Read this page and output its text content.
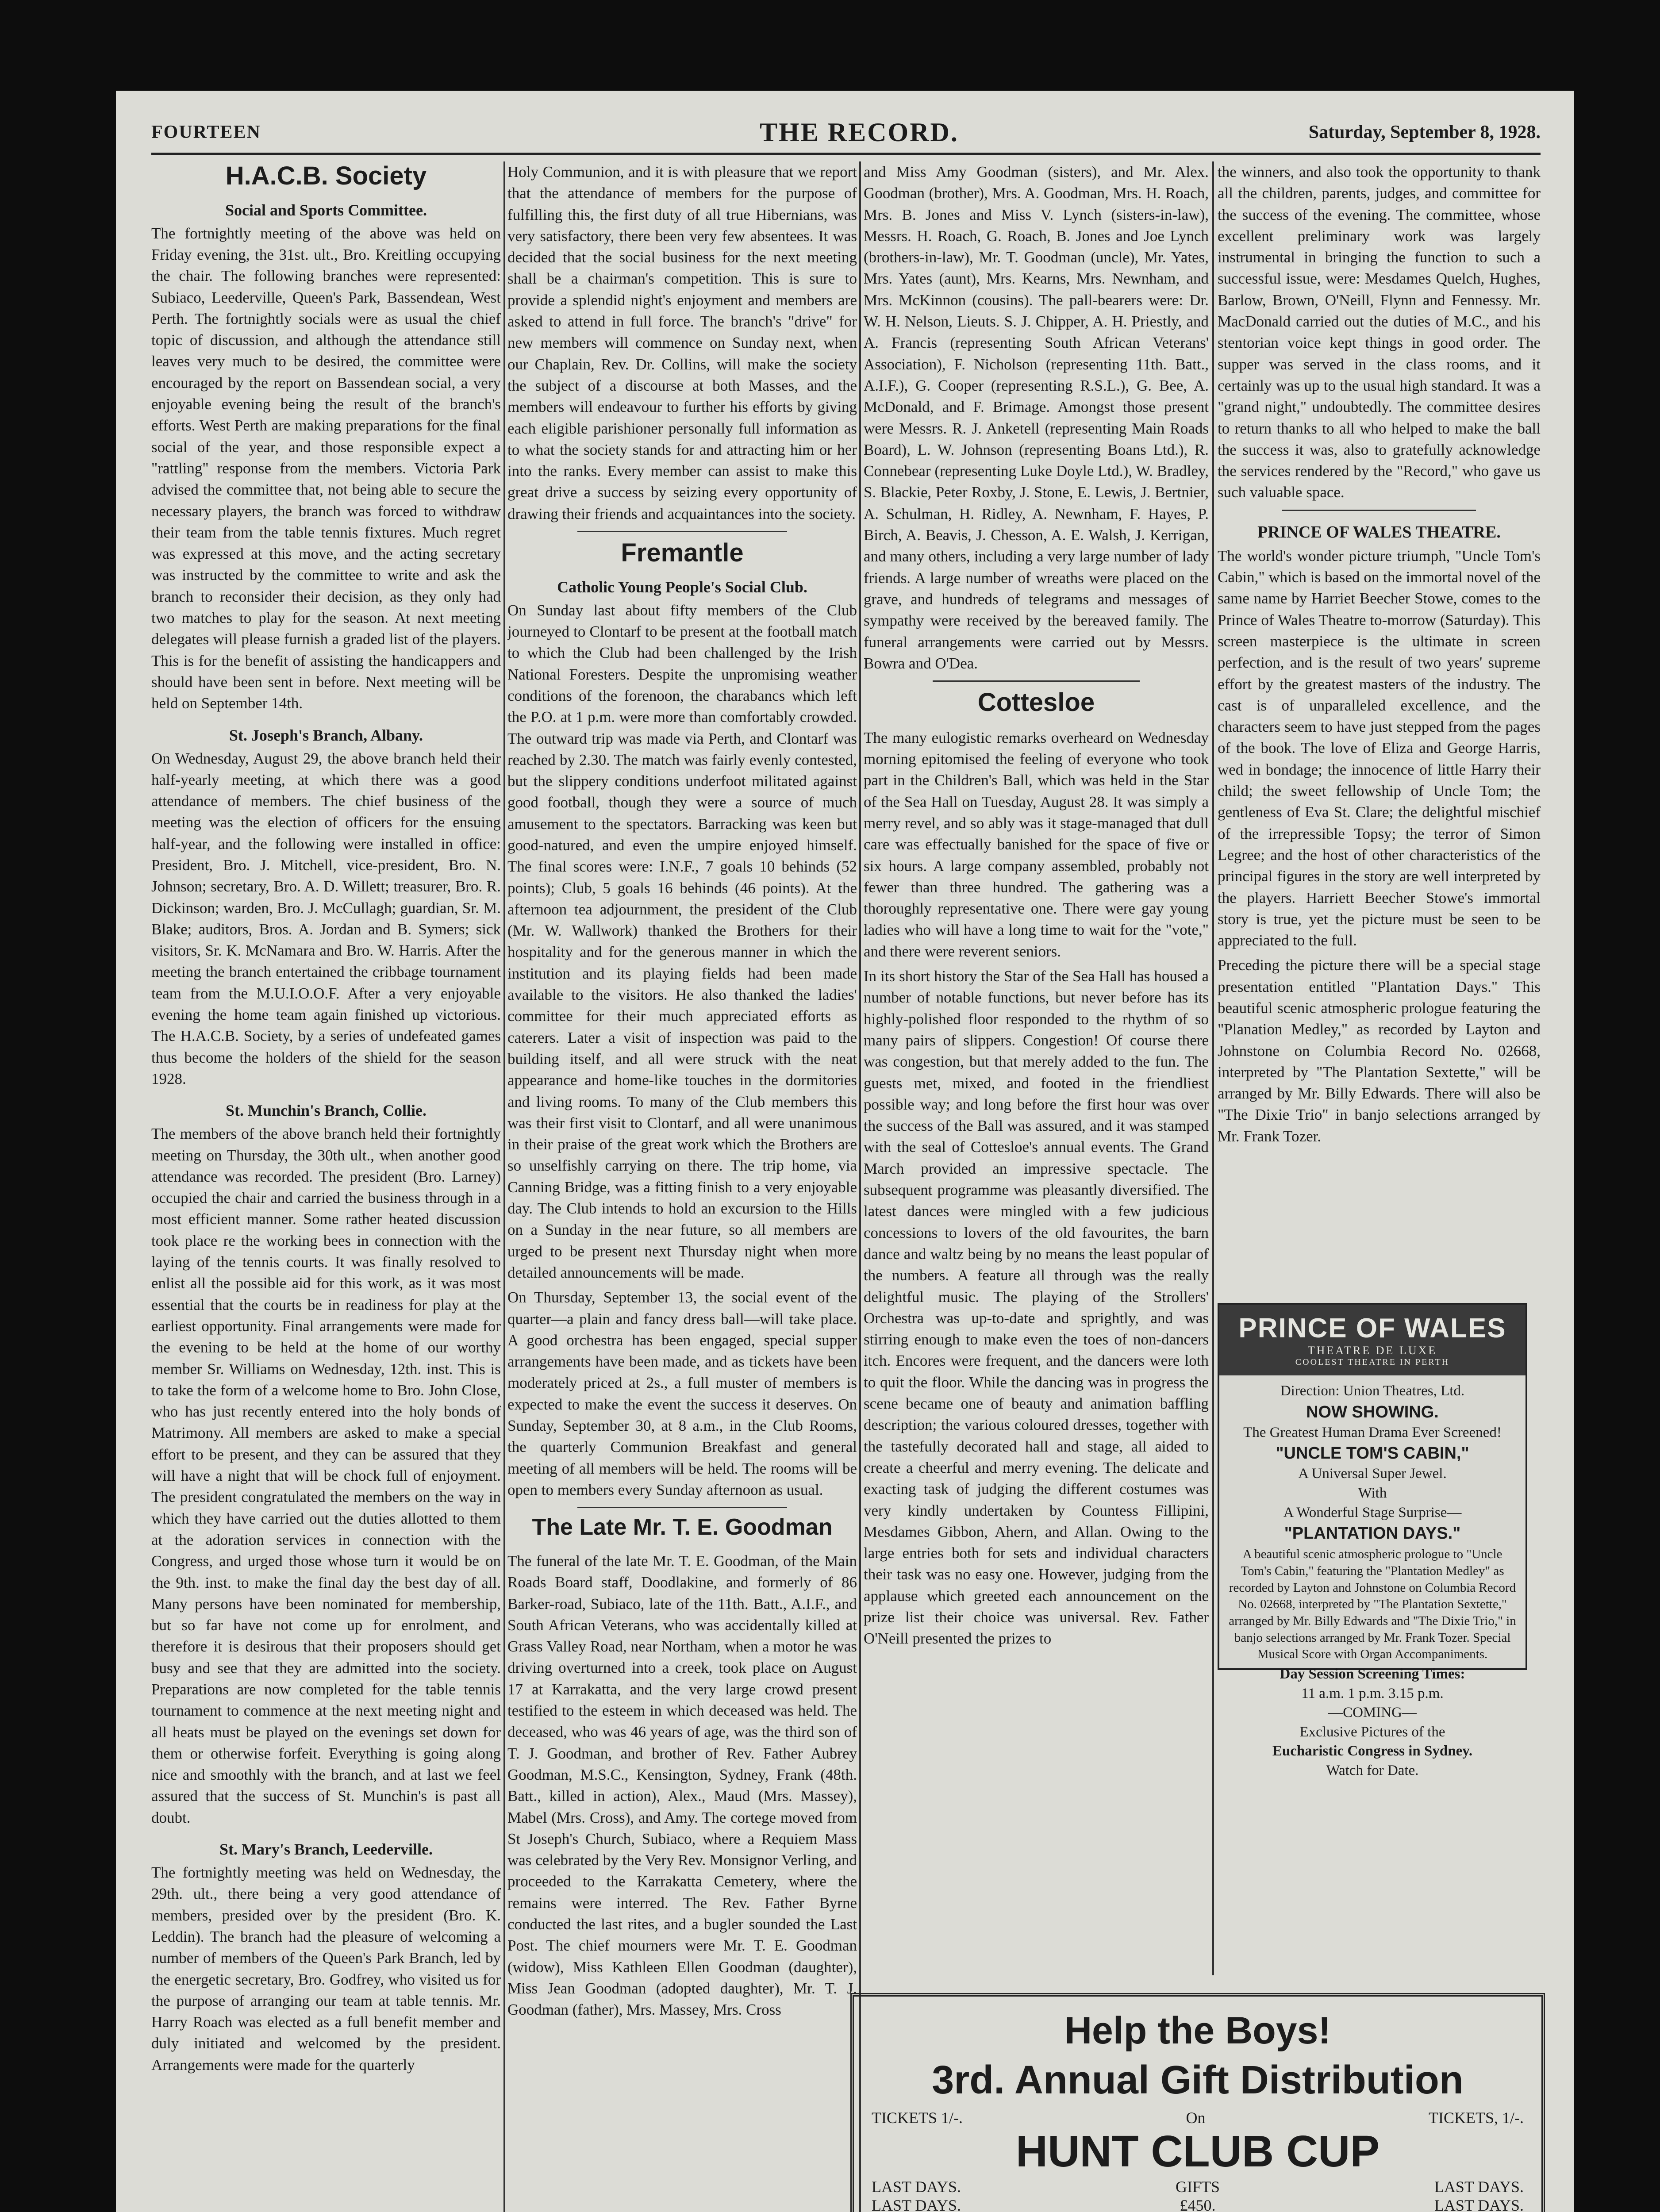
FOURTEEN	THE RECORD.	Saturday, September 8, 1928.
H.A.C.B. Society
Social and Sports Committee.

The fortnightly meeting of the above was held on Friday evening, the 31st. ult., Bro. Kreitling occupying the chair. The following branches were represented: Subiaco, Leederville, Queen's Park, Bassendean, West Perth. The fortnightly socials were as usual the chief topic of discussion, and although the attendance still leaves very much to be desired, the committee were encouraged by the report on Bassendean social, a very enjoyable evening being the result of the branch's efforts. West Perth are making preparations for the final social of the year, and those responsible expect a "rattling" response from the members. Victoria Park advised the committee that, not being able to secure the necessary players, the branch was forced to withdraw their team from the table tennis fixtures. Much regret was expressed at this move, and the acting secretary was instructed by the committee to write and ask the branch to reconsider their decision, as they only had two matches to play for the season. At next meeting delegates will please furnish a graded list of the players. This is for the benefit of assisting the handicappers and should have been sent in before. Next meeting will be held on September 14th.

St. Joseph's Branch, Albany.

On Wednesday, August 29, the above branch held their half-yearly meeting, at which there was a good attendance of members. The chief business of the meeting was the election of officers for the ensuing half-year, and the following were installed in office: President, Bro. J. Mitchell, vice-president, Bro. N. Johnson; secretary, Bro. A. D. Willett; treasurer, Bro. R. Dickinson; warden, Bro. J. McCullagh; guardian, Sr. M. Blake; auditors, Bros. A. Jordan and B. Symers; sick visitors, Sr. K. McNamara and Bro. W. Harris. After the meeting the branch entertained the cribbage tournament team from the M.U.I.O.O.F. After a very enjoyable evening the home team again finished up victorious. The H.A.C.B. Society, by a series of undefeated games thus become the holders of the shield for the season 1928.

St. Munchin's Branch, Collie.

The members of the above branch held their fortnightly meeting on Thursday, the 30th ult., when another good attendance was recorded. The president (Bro. Larney) occupied the chair and carried the business through in a most efficient manner. Some rather heated discussion took place re the working bees in connection with the laying of the tennis courts. It was finally resolved to enlist all the possible aid for this work, as it was most essential that the courts be in readiness for play at the earliest opportunity. Final arrangements were made for the evening to be held at the home of our worthy member Sr. Williams on Wednesday, 12th. inst. This is to take the form of a welcome home to Bro. John Close, who has just recently entered into the holy bonds of Matrimony. All members are asked to make a special effort to be present, and they can be assured that they will have a night that will be chock full of enjoyment. The president congratulated the members on the way in which they have carried out the duties allotted to them at the adoration services in connection with the Congress, and urged those whose turn it would be on the 9th. inst. to make the final day the best day of all. Many persons have been nominated for membership, but so far have not come up for enrolment, and therefore it is desirous that their proposers should get busy and see that they are admitted into the society. Preparations are now completed for the table tennis tournament to commence at the next meeting night and all heats must be played on the evenings set down for them or otherwise forfeit. Everything is going along nice and smoothly with the branch, and at last we feel assured that the success of St. Munchin's is past all doubt.

St. Mary's Branch, Leederville.

The fortnightly meeting was held on Wednesday, the 29th. ult., there being a very good attendance of members, presided over by the president (Bro. K. Leddin). The branch had the pleasure of welcoming a number of members of the Queen's Park Branch, led by the energetic secretary, Bro. Godfrey, who visited us for the purpose of arranging our team at table tennis. Mr. Harry Roach was elected as a full benefit member and duly initiated and welcomed by the president. Arrangements were made for the quarterly

Holy Communion, and it is with pleasure that we report that the attendance of members for the purpose of fulfilling this, the first duty of all true Hibernians, was very satisfactory, there been very few absentees. It was decided that the social business for the next meeting shall be a chairman's competition. This is sure to provide a splendid night's enjoyment and members are asked to attend in full force. The branch's "drive" for new members will commence on Sunday next, when our Chaplain, Rev. Dr. Collins, will make the society the subject of a discourse at both Masses, and the members will endeavour to further his efforts by giving each eligible parishioner personally full information as to what the society stands for and attracting him or her into the ranks. Every member can assist to make this great drive a success by seizing every opportunity of drawing their friends and acquaintances into the society.

Fremantle
Catholic Young People's Social Club.

On Sunday last about fifty members of the Club journeyed to Clontarf to be present at the football match to which the Club had been challenged by the Irish National Foresters. Despite the unpromising weather conditions of the forenoon, the charabancs which left the P.O. at 1 p.m. were more than comfortably crowded. The outward trip was made via Perth, and Clontarf was reached by 2.30. The match was fairly evenly contested, but the slippery conditions underfoot militated against good football, though they were a source of much amusement to the spectators. Barracking was keen but good-natured, and even the umpire enjoyed himself. The final scores were: I.N.F., 7 goals 10 behinds (52 points); Club, 5 goals 16 behinds (46 points). At the afternoon tea adjournment, the president of the Club (Mr. W. Wallwork) thanked the Brothers for their hospitality and for the generous manner in which the institution and its playing fields had been made available to the visitors. He also thanked the ladies' committee for their much appreciated efforts as caterers. Later a visit of inspection was paid to the building itself, and all were struck with the neat appearance and home-like touches in the dormitories and living rooms. To many of the Club members this was their first visit to Clontarf, and all were unanimous in their praise of the great work which the Brothers are so unselfishly carrying on there. The trip home, via Canning Bridge, was a fitting finish to a very enjoyable day. The Club intends to hold an excursion to the Hills on a Sunday in the near future, so all members are urged to be present next Thursday night when more detailed announcements will be made.

On Thursday, September 13, the social event of the quarter—a plain and fancy dress ball—will take place. A good orchestra has been engaged, special supper arrangements have been made, and as tickets have been moderately priced at 2s., a full muster of members is expected to make the event the success it deserves. On Sunday, September 30, at 8 a.m., in the Club Rooms, the quarterly Communion Breakfast and general meeting of all members will be held. The rooms will be open to members every Sunday afternoon as usual.

The Late Mr. T. E. Goodman

The funeral of the late Mr. T. E. Goodman, of the Main Roads Board staff, Doodlakine, and formerly of 86 Barker-road, Subiaco, late of the 11th. Batt., A.I.F., and South African Veterans, who was accidentally killed at Grass Valley Road, near Northam, when a motor he was driving overturned into a creek, took place on August 17 at Karrakatta, and the very large crowd present testified to the esteem in which deceased was held. The deceased, who was 46 years of age, was the third son of T. J. Goodman, and brother of Rev. Father Aubrey Goodman, M.S.C., Kensington, Sydney, Frank (48th. Batt., killed in action), Alex., Maud (Mrs. Massey), Mabel (Mrs. Cross), and Amy. The cortege moved from St Joseph's Church, Subiaco, where a Requiem Mass was celebrated by the Very Rev. Monsignor Verling, and proceeded to the Karrakatta Cemetery, where the remains were interred. The Rev. Father Byrne conducted the last rites, and a bugler sounded the Last Post. The chief mourners were Mr. T. E. Goodman (widow), Miss Kathleen Ellen Goodman (daughter), Miss Jean Goodman (adopted daughter), Mr. T. J. Goodman (father), Mrs. Massey, Mrs. Cross

and Miss Amy Goodman (sisters), and Mr. Alex. Goodman (brother), Mrs. A. Goodman, Mrs. H. Roach, Mrs. B. Jones and Miss V. Lynch (sisters-in-law), Messrs. H. Roach, G. Roach, B. Jones and Joe Lynch (brothers-in-law), Mr. T. Goodman (uncle), Mr. Yates, Mrs. Yates (aunt), Mrs. Kearns, Mrs. Newnham, and Mrs. McKinnon (cousins). The pall-bearers were: Dr. W. H. Nelson, Lieuts. S. J. Chipper, A. H. Priestly, and A. Francis (representing South African Veterans' Association), F. Nicholson (representing 11th. Batt., A.I.F.), G. Cooper (representing R.S.L.), G. Bee, A. McDonald, and F. Brimage. Amongst those present were Messrs. R. J. Anketell (representing Main Roads Board), L. W. Johnson (representing Boans Ltd.), R. Connebear (representing Luke Doyle Ltd.), W. Bradley, S. Blackie, Peter Roxby, J. Stone, E. Lewis, J. Bertnier, A. Schulman, H. Ridley, A. Newnham, F. Hayes, P. Birch, A. Beavis, J. Chesson, A. E. Walsh, J. Kerrigan, and many others, including a very large number of lady friends. A large number of wreaths were placed on the grave, and hundreds of telegrams and messages of sympathy were received by the bereaved family. The funeral arrangements were carried out by Messrs. Bowra and O'Dea.

Cottesloe

The many eulogistic remarks overheard on Wednesday morning epitomised the feeling of everyone who took part in the Children's Ball, which was held in the Star of the Sea Hall on Tuesday, August 28. It was simply a merry revel, and so ably was it stage-managed that dull care was effectually banished for the space of five or six hours. A large company assembled, probably not fewer than three hundred. The gathering was a thoroughly representative one. There were gay young ladies who will have a long time to wait for the "vote," and there were reverent seniors.

In its short history the Star of the Sea Hall has housed a number of notable functions, but never before has its highly-polished floor responded to the rhythm of so many pairs of slippers. Congestion! Of course there was congestion, but that merely added to the fun. The guests met, mixed, and footed in the friendliest possible way; and long before the first hour was over the success of the Ball was assured, and it was stamped with the seal of Cottesloe's annual events. The Grand March provided an impressive spectacle. The subsequent programme was pleasantly diversified. The latest dances were mingled with a few judicious concessions to lovers of the old favourites, the barn dance and waltz being by no means the least popular of the numbers. A feature all through was the really delightful music. The playing of the Strollers' Orchestra was up-to-date and sprightly, and was stirring enough to make even the toes of non-dancers itch. Encores were frequent, and the dancers were loth to quit the floor. While the dancing was in progress the scene became one of beauty and animation baffling description; the various coloured dresses, together with the tastefully decorated hall and stage, all aided to create a cheerful and merry evening. The delicate and exacting task of judging the different costumes was very kindly undertaken by Countess Fillipini, Mesdames Gibbon, Ahern, and Allan. Owing to the large entries both for sets and individual characters their task was no easy one. However, judging from the applause which greeted each announcement on the prize list their choice was universal. Rev. Father O'Neill presented the prizes to

the winners, and also took the opportunity to thank all the children, parents, judges, and committee for the success of the evening. The committee, whose excellent preliminary work was largely instrumental in bringing the function to such a successful issue, were: Mesdames Quelch, Hughes, Barlow, Brown, O'Neill, Flynn and Fennessy. Mr. MacDonald carried out the duties of M.C., and his stentorian voice kept things in good order. The supper was served in the class rooms, and it certainly was up to the usual high standard. It was a "grand night," undoubtedly. The committee desires to return thanks to all who helped to make the ball the success it was, also to gratefully acknowledge the services rendered by the "Record," who gave us such valuable space.

PRINCE OF WALES THEATRE.

The world's wonder picture triumph, "Uncle Tom's Cabin," which is based on the immortal novel of the same name by Harriet Beecher Stowe, comes to the Prince of Wales Theatre to-morrow (Saturday). This screen masterpiece is the ultimate in screen perfection, and is the result of two years' supreme effort by the greatest masters of the industry. The cast is of unparalleled excellence, and the characters seem to have just stepped from the pages of the book. The love of Eliza and George Harris, wed in bondage; the innocence of little Harry their child; the sweet fellowship of Uncle Tom; the gentleness of Eva St. Clare; the delightful mischief of the irrepressible Topsy; the terror of Simon Legree; and the host of other characteristics of the principal figures in the story are well interpreted by the players. Harriett Beecher Stowe's immortal story is true, yet the picture must be seen to be appreciated to the full.

Preceding the picture there will be a special stage presentation entitled "Plantation Days." This beautiful scenic atmospheric prologue featuring the "Planation Medley," as recorded by Layton and Johnstone on Columbia Record No. 02668, interpreted by "The Plantation Sextette," will be arranged by Mr. Billy Edwards. There will also be "The Dixie Trio" in banjo selections arranged by Mr. Frank Tozer.

PRINCE OF WALES
THEATRE DE LUXE
COOLEST THEATRE IN PERTH
Direction: Union Theatres, Ltd.
NOW SHOWING.
The Greatest Human Drama Ever Screened!
"UNCLE TOM'S CABIN,"
A Universal Super Jewel.
With
A Wonderful Stage Surprise—
"PLANTATION DAYS."
A beautiful scenic atmospheric prologue to "Uncle Tom's Cabin," featuring the "Plantation Medley" as recorded by Layton and Johnstone on Columbia Record No. 02668, interpreted by "The Plantation Sextette," arranged by Mr. Billy Edwards and "The Dixie Trio," in banjo selections arranged by Mr. Frank Tozer. Special Musical Score with Organ Accompaniments.
Day Session Screening Times:
11 a.m. 1 p.m. 3.15 p.m.
—COMING—
Exclusive Pictures of the
Eucharistic Congress in Sydney.
Watch for Date.
Help the Boys!
3rd. Annual Gift Distribution
TICKETS 1/-.	On	TICKETS, 1/-.
HUNT CLUB CUP
LAST DAYS.	GIFTS	LAST DAYS.
LAST DAYS.	£450.	LAST DAYS.
